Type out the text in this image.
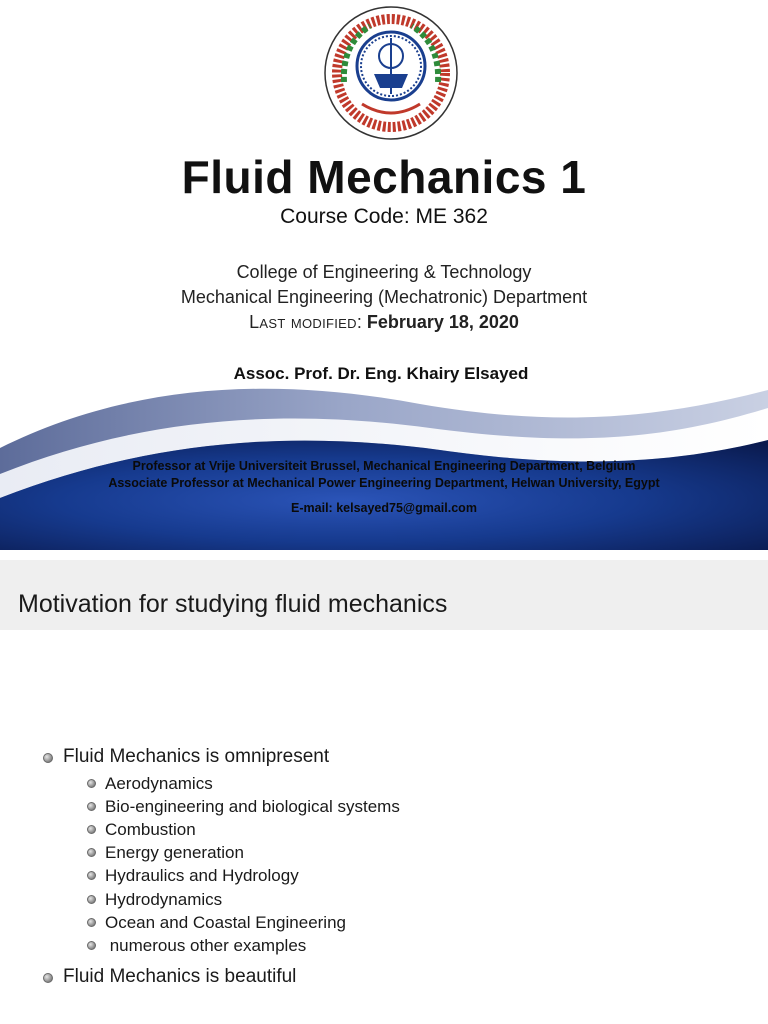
Fluid Mechanics 1
Course Code: ME 362
College of Engineering & Technology
Mechanical Engineering (Mechatronic) Department
Last modified: February 18, 2020
Assoc. Prof. Dr. Eng. Khairy Elsayed
Professor at Vrije Universiteit Brussel, Mechanical Engineering Department, Belgium
Associate Professor at Mechanical Power Engineering Department, Helwan University, Egypt
E-mail: kelsayed75@gmail.com
Motivation for studying fluid mechanics
Fluid Mechanics is omnipresent
Aerodynamics
Bio-engineering and biological systems
Combustion
Energy generation
Hydraulics and Hydrology
Hydrodynamics
Ocean and Coastal Engineering
numerous other examples
Fluid Mechanics is beautiful
